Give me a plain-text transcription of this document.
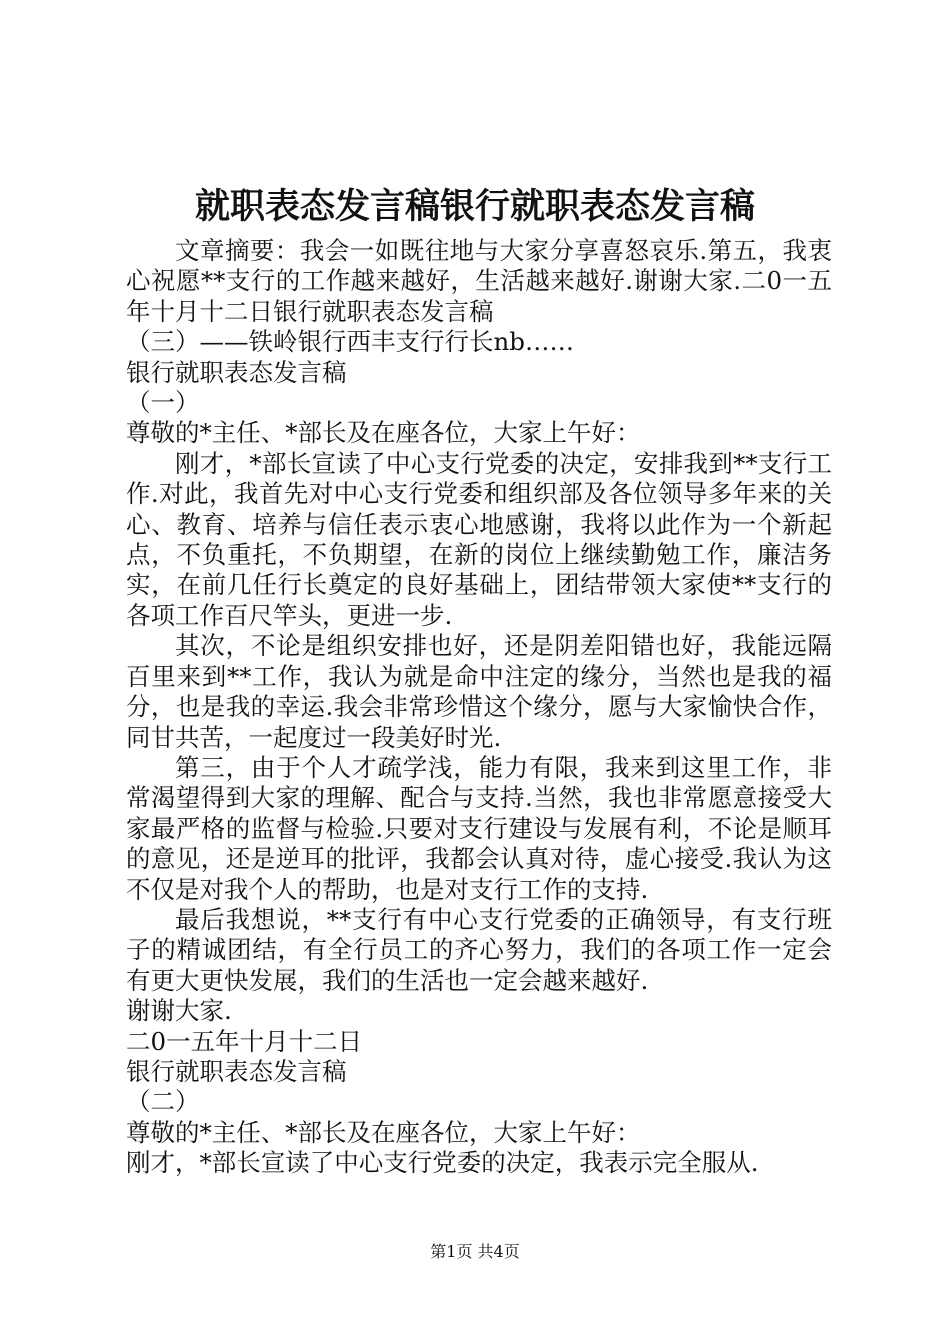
就职表态发言稿银行就职表态发言稿

文章摘要：我会一如既往地与大家分享喜怒哀乐.第五，我衷心祝愿**支行的工作越来越好，生活越来越好.谢谢大家.二0一五年十月十二日银行就职表态发言稿

（三）——铁岭银行西丰支行行长nb……

银行就职表态发言稿

（一）

尊敬的*主任、*部长及在座各位，大家上午好：

刚才，*部长宣读了中心支行党委的决定，安排我到**支行工作.对此，我首先对中心支行党委和组织部及各位领导多年来的关心、教育、培养与信任表示衷心地感谢，我将以此作为一个新起点，不负重托，不负期望，在新的岗位上继续勤勉工作，廉洁务实，在前几任行长奠定的良好基础上，团结带领大家使**支行的各项工作百尺竿头，更进一步.

其次，不论是组织安排也好，还是阴差阳错也好，我能远隔百里来到**工作，我认为就是命中注定的缘分，当然也是我的福分，也是我的幸运.我会非常珍惜这个缘分，愿与大家愉快合作，同甘共苦，一起度过一段美好时光.

第三，由于个人才疏学浅，能力有限，我来到这里工作，非常渴望得到大家的理解、配合与支持.当然，我也非常愿意接受大家最严格的监督与检验.只要对支行建设与发展有利，不论是顺耳的意见，还是逆耳的批评，我都会认真对待，虚心接受.我认为这不仅是对我个人的帮助，也是对支行工作的支持.

最后我想说，**支行有中心支行党委的正确领导，有支行班子的精诚团结，有全行员工的齐心努力，我们的各项工作一定会有更大更快发展，我们的生活也一定会越来越好.

谢谢大家.

二0一五年十月十二日

银行就职表态发言稿

（二）

尊敬的*主任、*部长及在座各位，大家上午好：

刚才，*部长宣读了中心支行党委的决定，我表示完全服从.

第1页 共4页
